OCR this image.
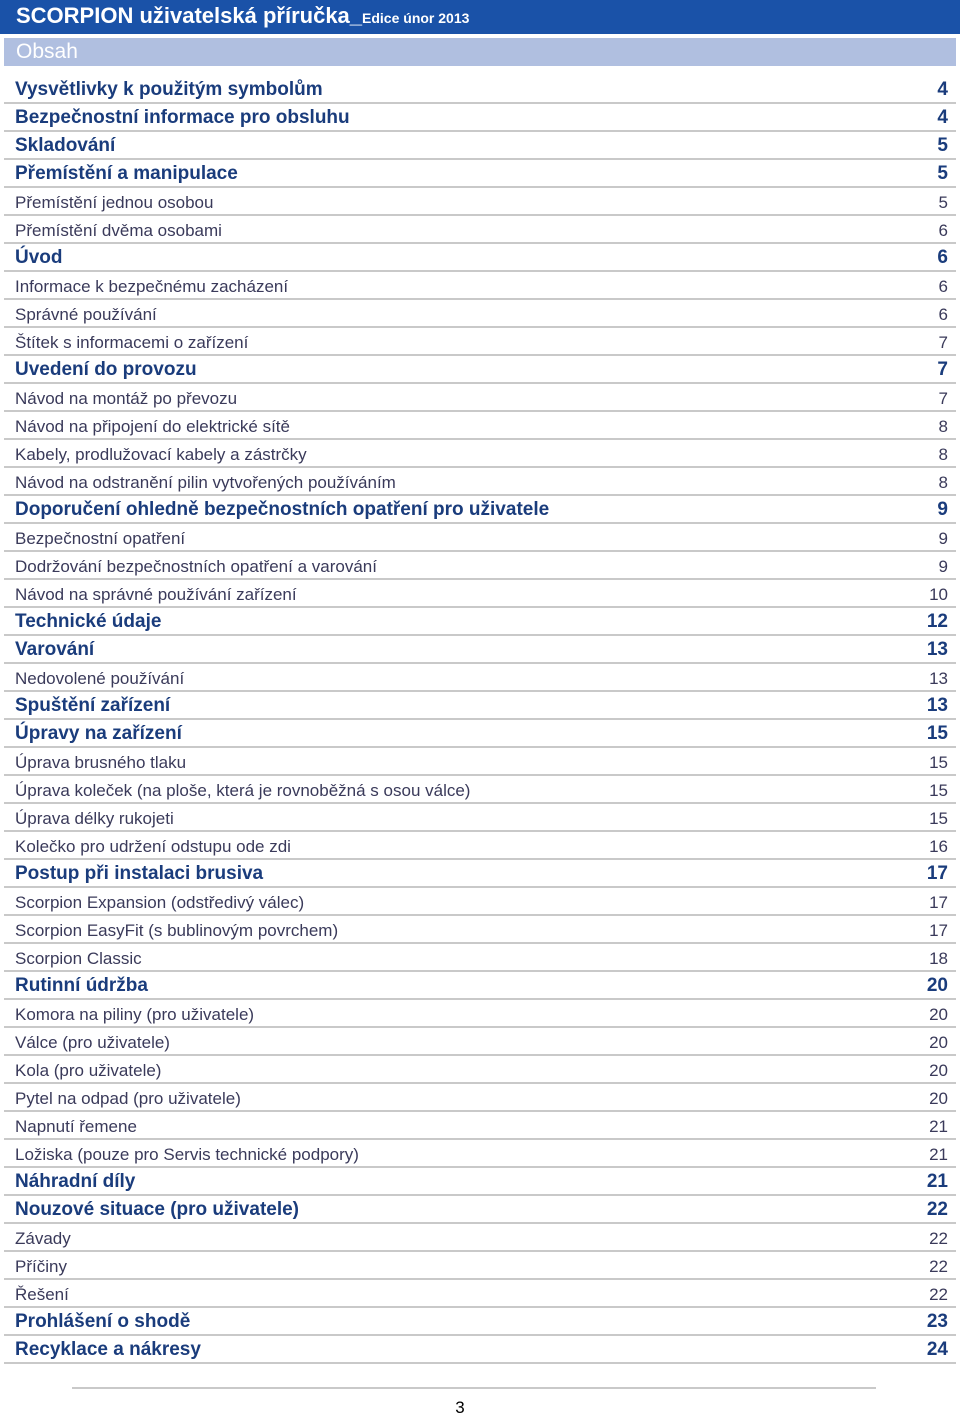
SCORPION uživatelská příručka_Edice únor 2013
Obsah
Vysvětlivky k použitým symbolům	4
Bezpečnostní informace pro obsluhu	4
Skladování	5
Přemístění a manipulace	5
Přemístění jednou osobou	5
Přemístění dvěma osobami	6
Úvod	6
Informace k bezpečnému zacházení	6
Správné používání	6
Štítek s informacemi o zařízení	7
Uvedení do provozu	7
Návod na montáž po převozu	7
Návod na připojení do elektrické sítě	8
Kabely, prodlužovací kabely a zástrčky	8
Návod na odstranění pilin vytvořených používáním	8
Doporučení ohledně bezpečnostních opatření pro uživatele	9
Bezpečnostní opatření	9
Dodržování bezpečnostních opatření a varování	9
Návod na správné používání zařízení	10
Technické údaje	12
Varování	13
Nedovolené používání	13
Spuštění zařízení	13
Úpravy na zařízení	15
Úprava brusného tlaku	15
Úprava koleček (na ploše, která je rovnoběžná s osou válce)	15
Úprava délky rukojeti	15
Kolečko pro udržení odstupu ode zdi	16
Postup při instalaci brusiva	17
Scorpion Expansion (odstředivý válec)	17
Scorpion EasyFit (s bublinovým povrchem)	17
Scorpion Classic	18
Rutinní údržba	20
Komora na piliny (pro uživatele)	20
Válce (pro uživatele)	20
Kola (pro uživatele)	20
Pytel na odpad (pro uživatele)	20
Napnutí řemene	21
Ložiska (pouze pro Servis technické podpory)	21
Náhradní díly	21
Nouzové situace (pro uživatele)	22
Závady	22
Příčiny	22
Řešení	22
Prohlášení o shodě	23
Recyklace a nákresy	24
3
